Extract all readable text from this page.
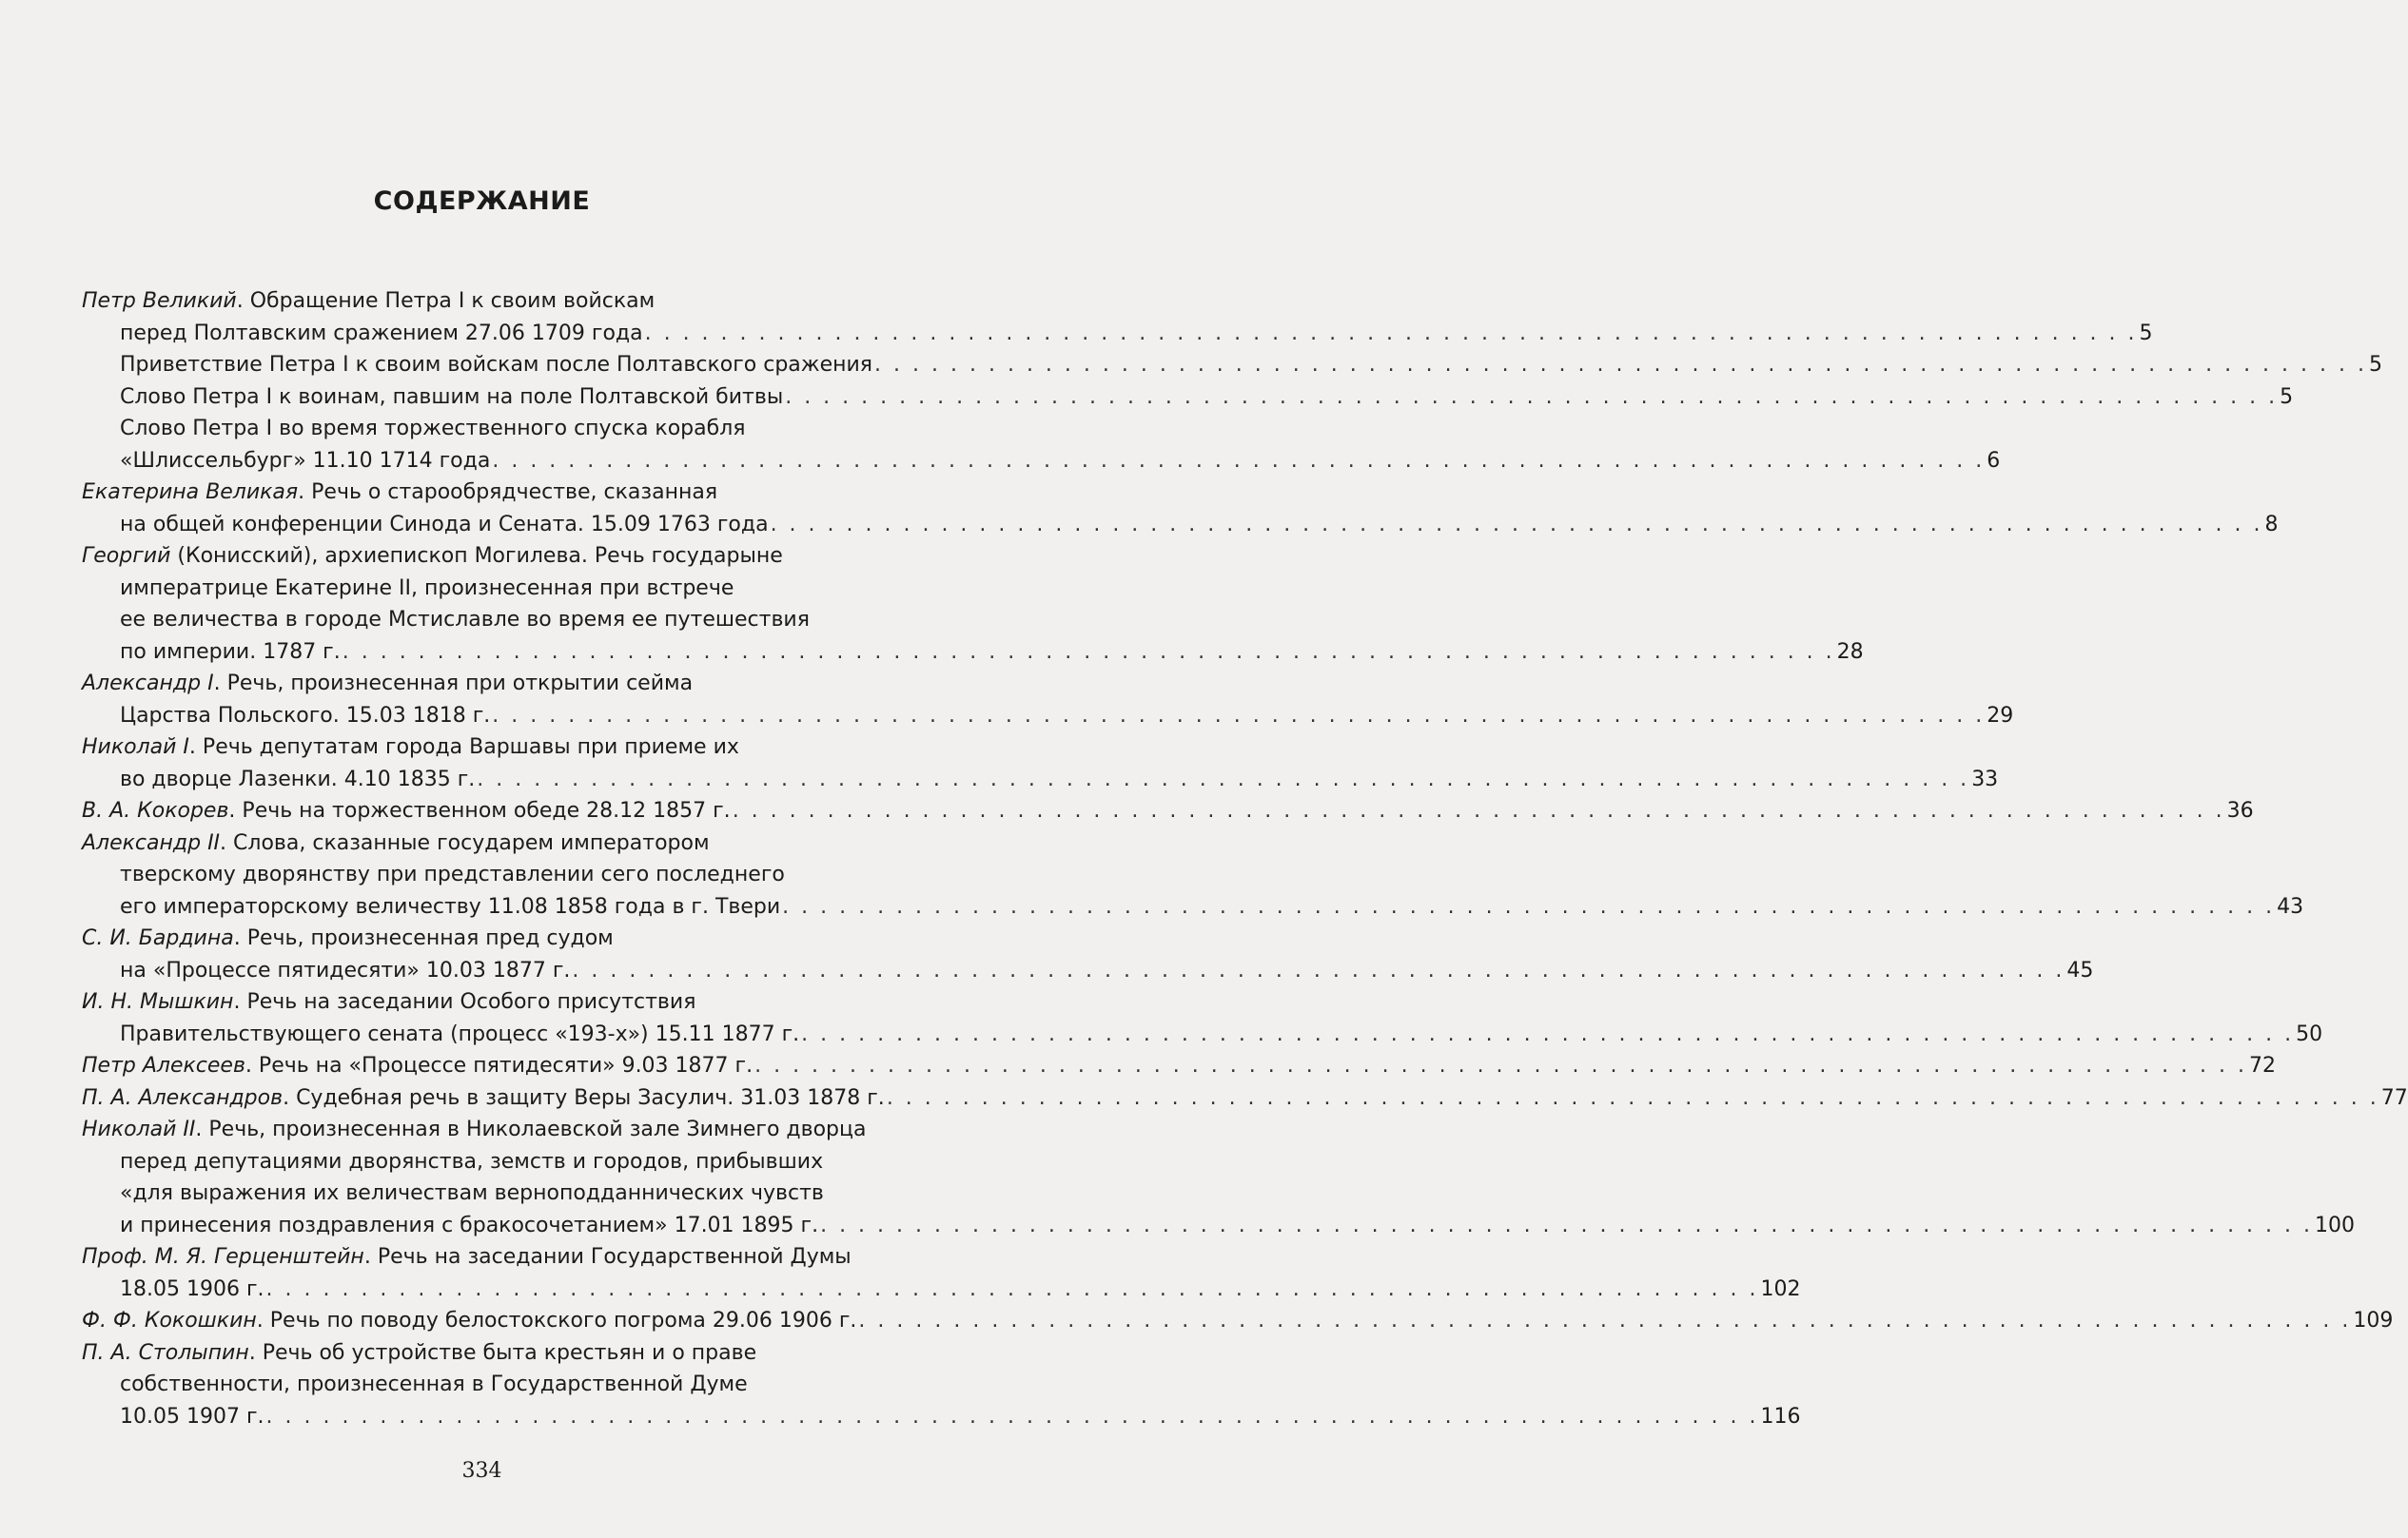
СОДЕРЖАНИЕ
Петр Великий. Обращение Петра I к своим войскам
перед Полтавским сражением 27.06 1709 года . . . . . . . . . . . . . . . . . . . . . . . . . . . . . . . . . . . . . . . . . . . . . . . . . . . . . . . . . . . . . . . . . . . . . . . . . . . . . . . 5
Приветствие Петра I к своим войскам после Полтавского сражения . . . . . . . . . . . . . . . . . . . . . . . . . . . . . . . . . . . . . . . . . . . . . . . . . . . . . . . . . . . . . . . . . . . . . . . . . . . . . . . 5
Слово Петра I к воинам, павшим на поле Полтавской битвы . . . . . . . . . . . . . . . . . . . . . . . . . . . . . . . . . . . . . . . . . . . . . . . . . . . . . . . . . . . . . . . . . . . . . . . . . . . . . . . 5
Слово Петра I во время торжественного спуска корабля
«Шлиссельбург» 11.10 1714 года . . . . . . . . . . . . . . . . . . . . . . . . . . . . . . . . . . . . . . . . . . . . . . . . . . . . . . . . . . . . . . . . . . . . . . . . . . . . . . . 6
Екатерина Великая. Речь о старообрядчестве, сказанная
на общей конференции Синода и Сената. 15.09 1763 года . . . . . . . . . . . . . . . . . . . . . . . . . . . . . . . . . . . . . . . . . . . . . . . . . . . . . . . . . . . . . . . . . . . . . . . . . . . . . . . 8
Георгий (Конисский), архиепископ Могилева. Речь государыне
императрице Екатерине II, произнесенная при встрече
ее величества в городе Мстиславле во время ее путешествия
по империи. 1787 г. . . . . . . . . . . . . . . . . . . . . . . . . . . . . . . . . . . . . . . . . . . . . . . . . . . . . . . . . . . . . . . . . . . . . . . . . . . . . . . . 28
Александр I. Речь, произнесенная при открытии сейма
Царства Польского. 15.03 1818 г. . . . . . . . . . . . . . . . . . . . . . . . . . . . . . . . . . . . . . . . . . . . . . . . . . . . . . . . . . . . . . . . . . . . . . . . . . . . . . . . 29
Николай I. Речь депутатам города Варшавы при приеме их
во дворце Лазенки. 4.10 1835 г. . . . . . . . . . . . . . . . . . . . . . . . . . . . . . . . . . . . . . . . . . . . . . . . . . . . . . . . . . . . . . . . . . . . . . . . . . . . . . . . 33
В. А. Кокорев. Речь на торжественном обеде 28.12 1857 г. . . . . . . . . . . . . . . . . . . . . . . . . . . . . . . . . . . . . . . . . . . . . . . . . . . . . . . . . . . . . . . . . . . . . . . . . . . . . . . . 36
Александр II. Слова, сказанные государем императором
тверскому дворянству при представлении сего последнего
его императорскому величеству 11.08 1858 года в г. Твери . . . . . . . . . . . . . . . . . . . . . . . . . . . . . . . . . . . . . . . . . . . . . . . . . . . . . . . . . . . . . . . . . . . . . . . . . . . . . . . 43
С. И. Бардина. Речь, произнесенная пред судом
на «Процессе пятидесяти» 10.03 1877 г. . . . . . . . . . . . . . . . . . . . . . . . . . . . . . . . . . . . . . . . . . . . . . . . . . . . . . . . . . . . . . . . . . . . . . . . . . . . . . . . 45
И. Н. Мышкин. Речь на заседании Особого присутствия
Правительствующего сената (процесс «193-х») 15.11 1877 г. . . . . . . . . . . . . . . . . . . . . . . . . . . . . . . . . . . . . . . . . . . . . . . . . . . . . . . . . . . . . . . . . . . . . . . . . . . . . . . . 50
Петр Алексеев. Речь на «Процессе пятидесяти» 9.03 1877 г. . . . . . . . . . . . . . . . . . . . . . . . . . . . . . . . . . . . . . . . . . . . . . . . . . . . . . . . . . . . . . . . . . . . . . . . . . . . . . . . 72
П. А. Александров. Судебная речь в защиту Веры Засулич. 31.03 1878 г. . . . . . . . . . . . . . . . . . . . . . . . . . . . . . . . . . . . . . . . . . . . . . . . . . . . . . . . . . . . . . . . . . . . . . . . . . . . . . . . 77
Николай II. Речь, произнесенная в Николаевской зале Зимнего дворца
перед депутациями дворянства, земств и городов, прибывших
«для выражения их величествам верноподданнических чувств
и принесения поздравления с бракосочетанием» 17.01 1895 г. . . . . . . . . . . . . . . . . . . . . . . . . . . . . . . . . . . . . . . . . . . . . . . . . . . . . . . . . . . . . . . . . . . . . . . . . . . . . . . . 100
Проф. М. Я. Герценштейн. Речь на заседании Государственной Думы
18.05 1906 г. . . . . . . . . . . . . . . . . . . . . . . . . . . . . . . . . . . . . . . . . . . . . . . . . . . . . . . . . . . . . . . . . . . . . . . . . . . . . . . . 102
Ф. Ф. Кокошкин. Речь по поводу белостокского погрома 29.06 1906 г. . . . . . . . . . . . . . . . . . . . . . . . . . . . . . . . . . . . . . . . . . . . . . . . . . . . . . . . . . . . . . . . . . . . . . . . . . . . . . . . 109
П. А. Столыпин. Речь об устройстве быта крестьян и о праве
собственности, произнесенная в Государственной Думе
10.05 1907 г. . . . . . . . . . . . . . . . . . . . . . . . . . . . . . . . . . . . . . . . . . . . . . . . . . . . . . . . . . . . . . . . . . . . . . . . . . . . . . . . 116
334
